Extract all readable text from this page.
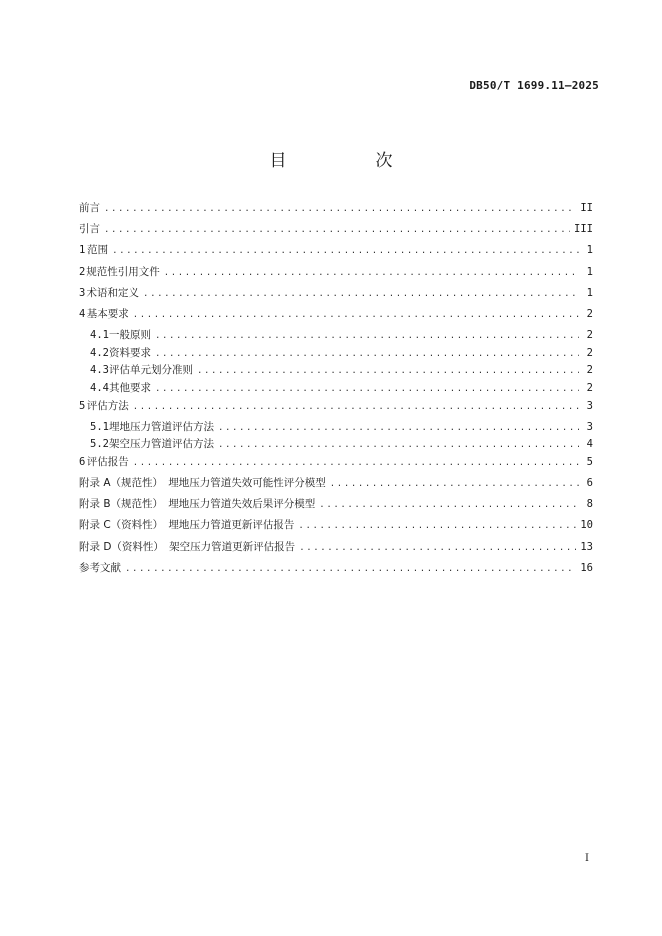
DB50/T 1699.11—2025
目　次
前言 .....	II
引言 .....	III
1 范围 .....	1
2 规范性引用文件 .....	1
3 术语和定义 .....	1
4 基本要求 .....	2
4.1 一般原则 .....	2
4.2 资料要求 .....	2
4.3 评估单元划分准则 .....	2
4.4 其他要求 .....	2
5 评估方法 .....	3
5.1 埋地压力管道评估方法 .....	3
5.2 架空压力管道评估方法 .....	4
6 评估报告 .....	5
附录 A（规范性）　埋地压力管道失效可能性评分模型 .....	6
附录 B（规范性）　埋地压力管道失效后果评分模型 .....	8
附录 C（资料性）　埋地压力管道更新评估报告 .....	10
附录 D（资料性）　架空压力管道更新评估报告 .....	13
参考文献 .....	16
I
